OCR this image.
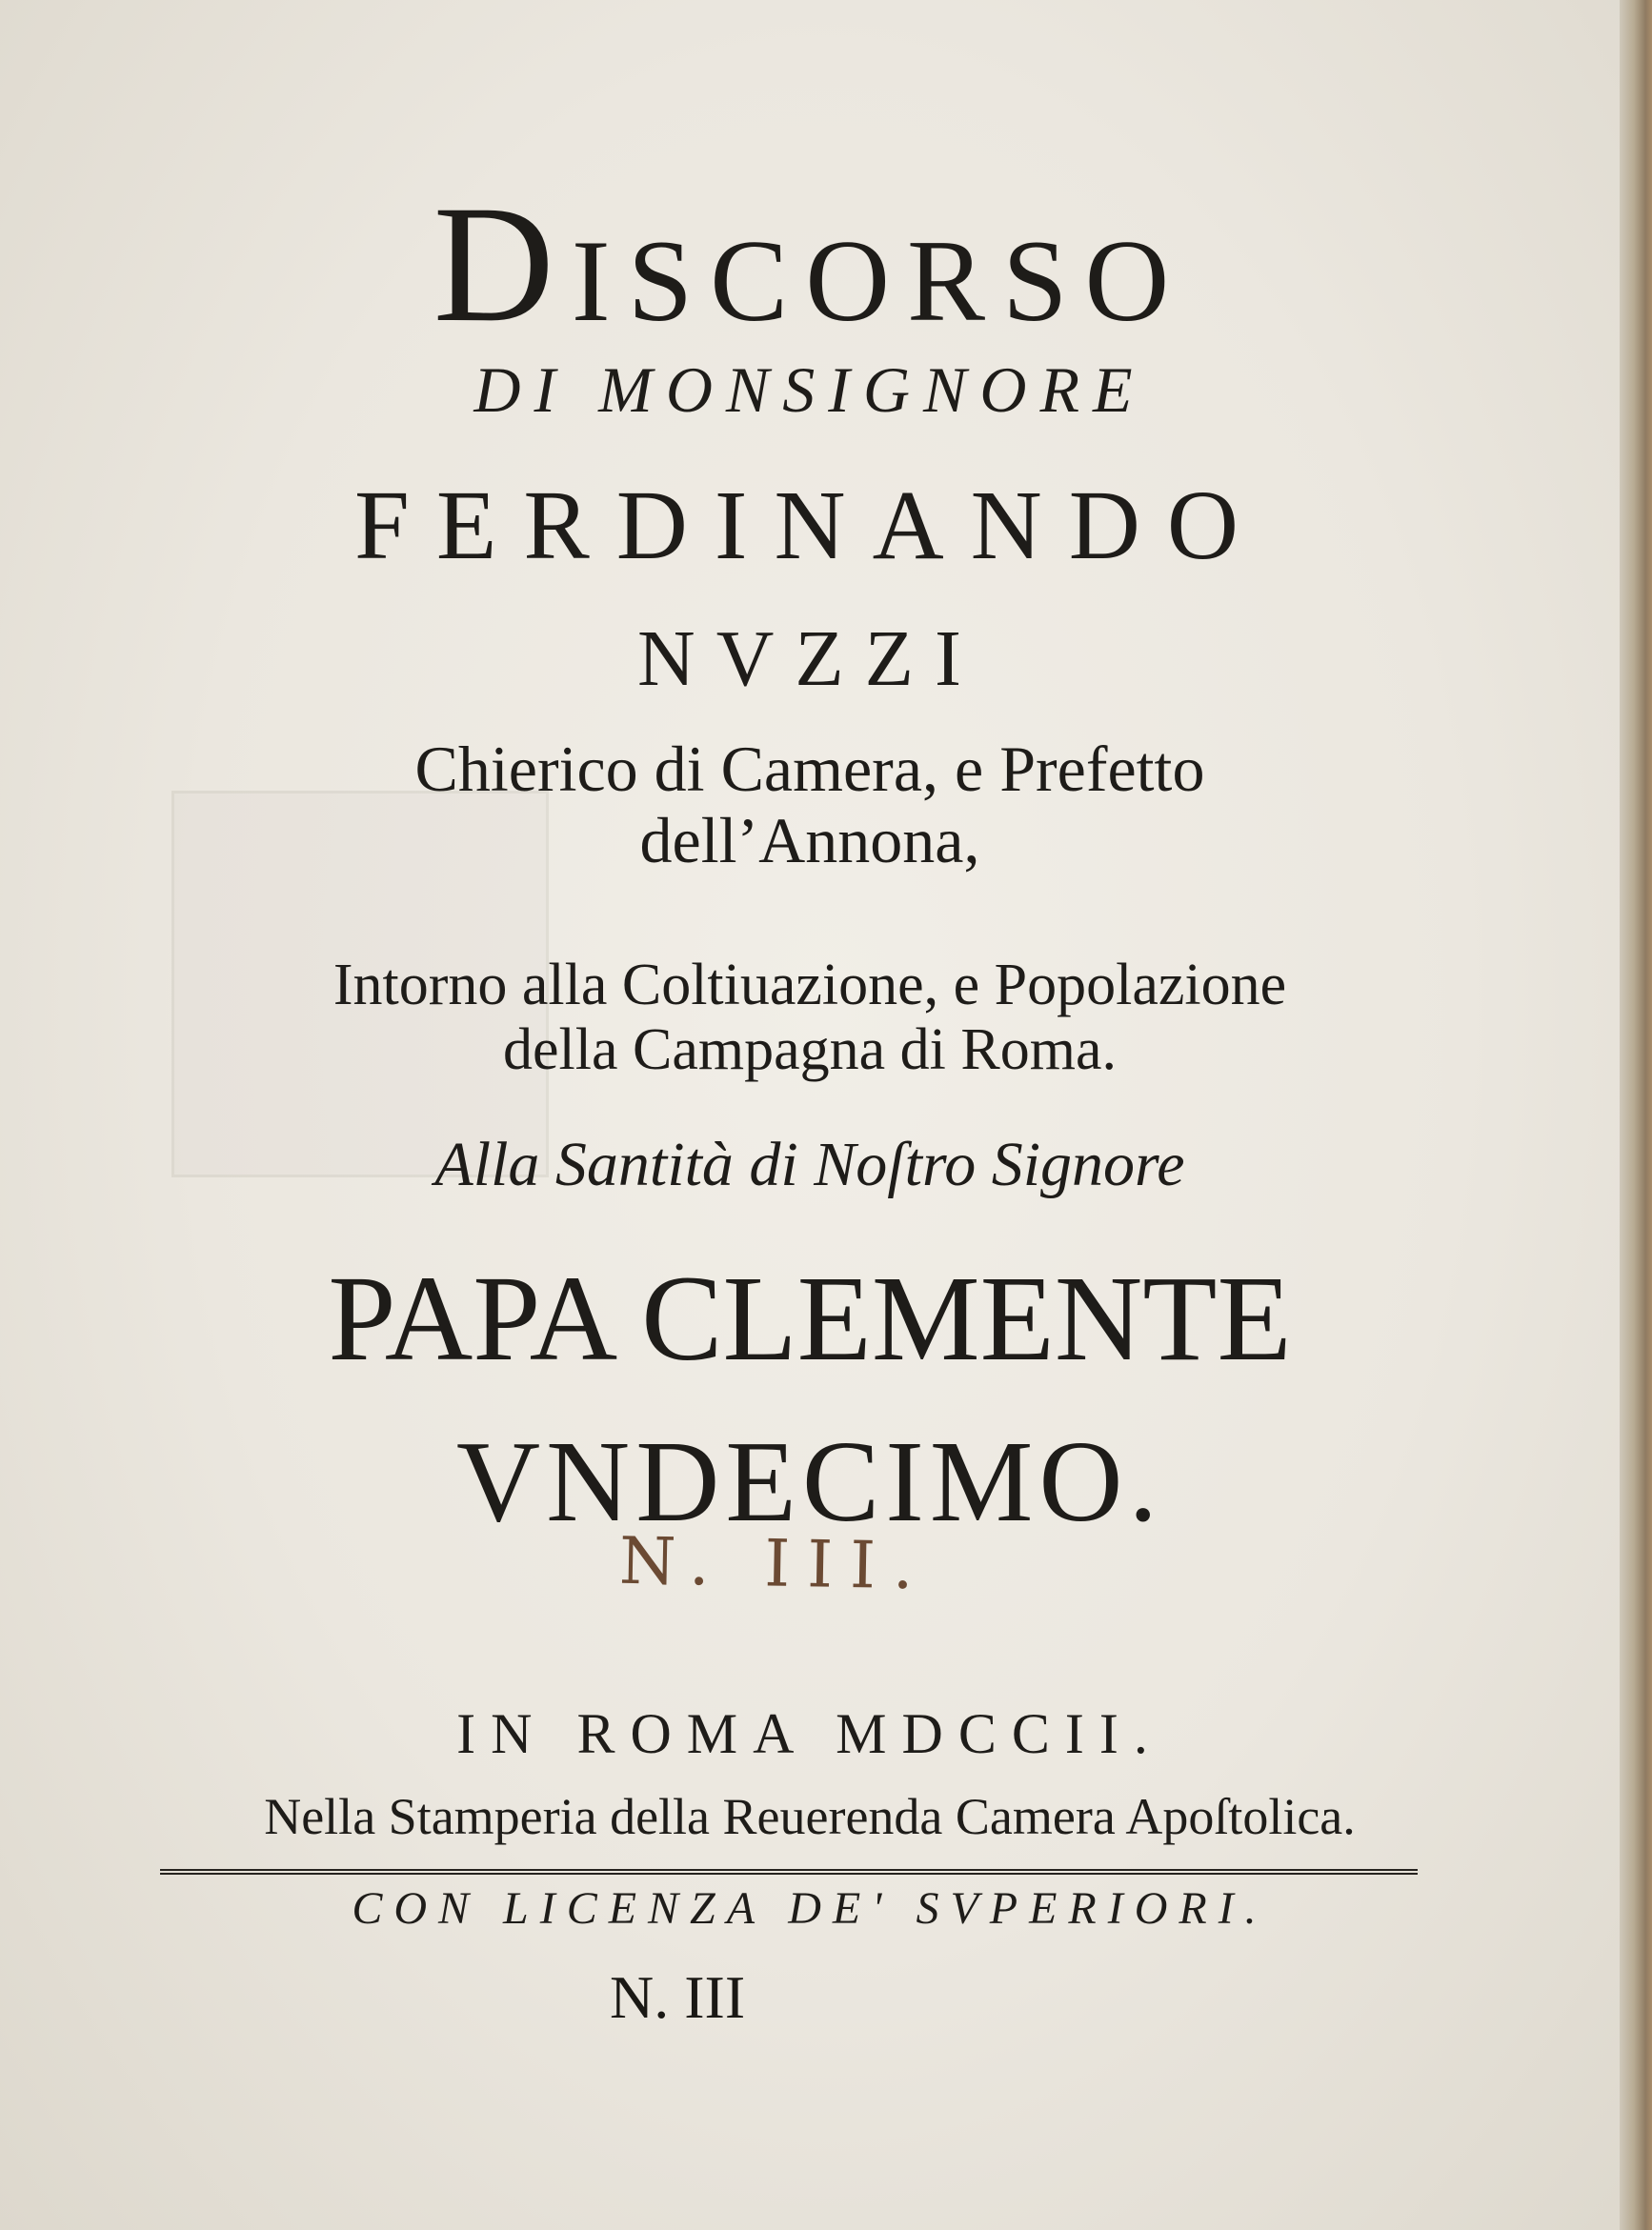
Discorso
DI MONSIGNORE
FERDINANDO
NVZZI
Chierico di Camera, e Prefetto
dell’Annona,
Intorno alla Coltiuazione, e Popolazione
della Campagna di Roma.
Alla Santità di Noſtro Signore
PAPA CLEMENTE
VNDECIMO.
N. III.
IN ROMA MDCCII.
Nella Stamperia della Reuerenda Camera Apoſtolica.
CON LICENZA DE' SVPERIORI.
N. III
